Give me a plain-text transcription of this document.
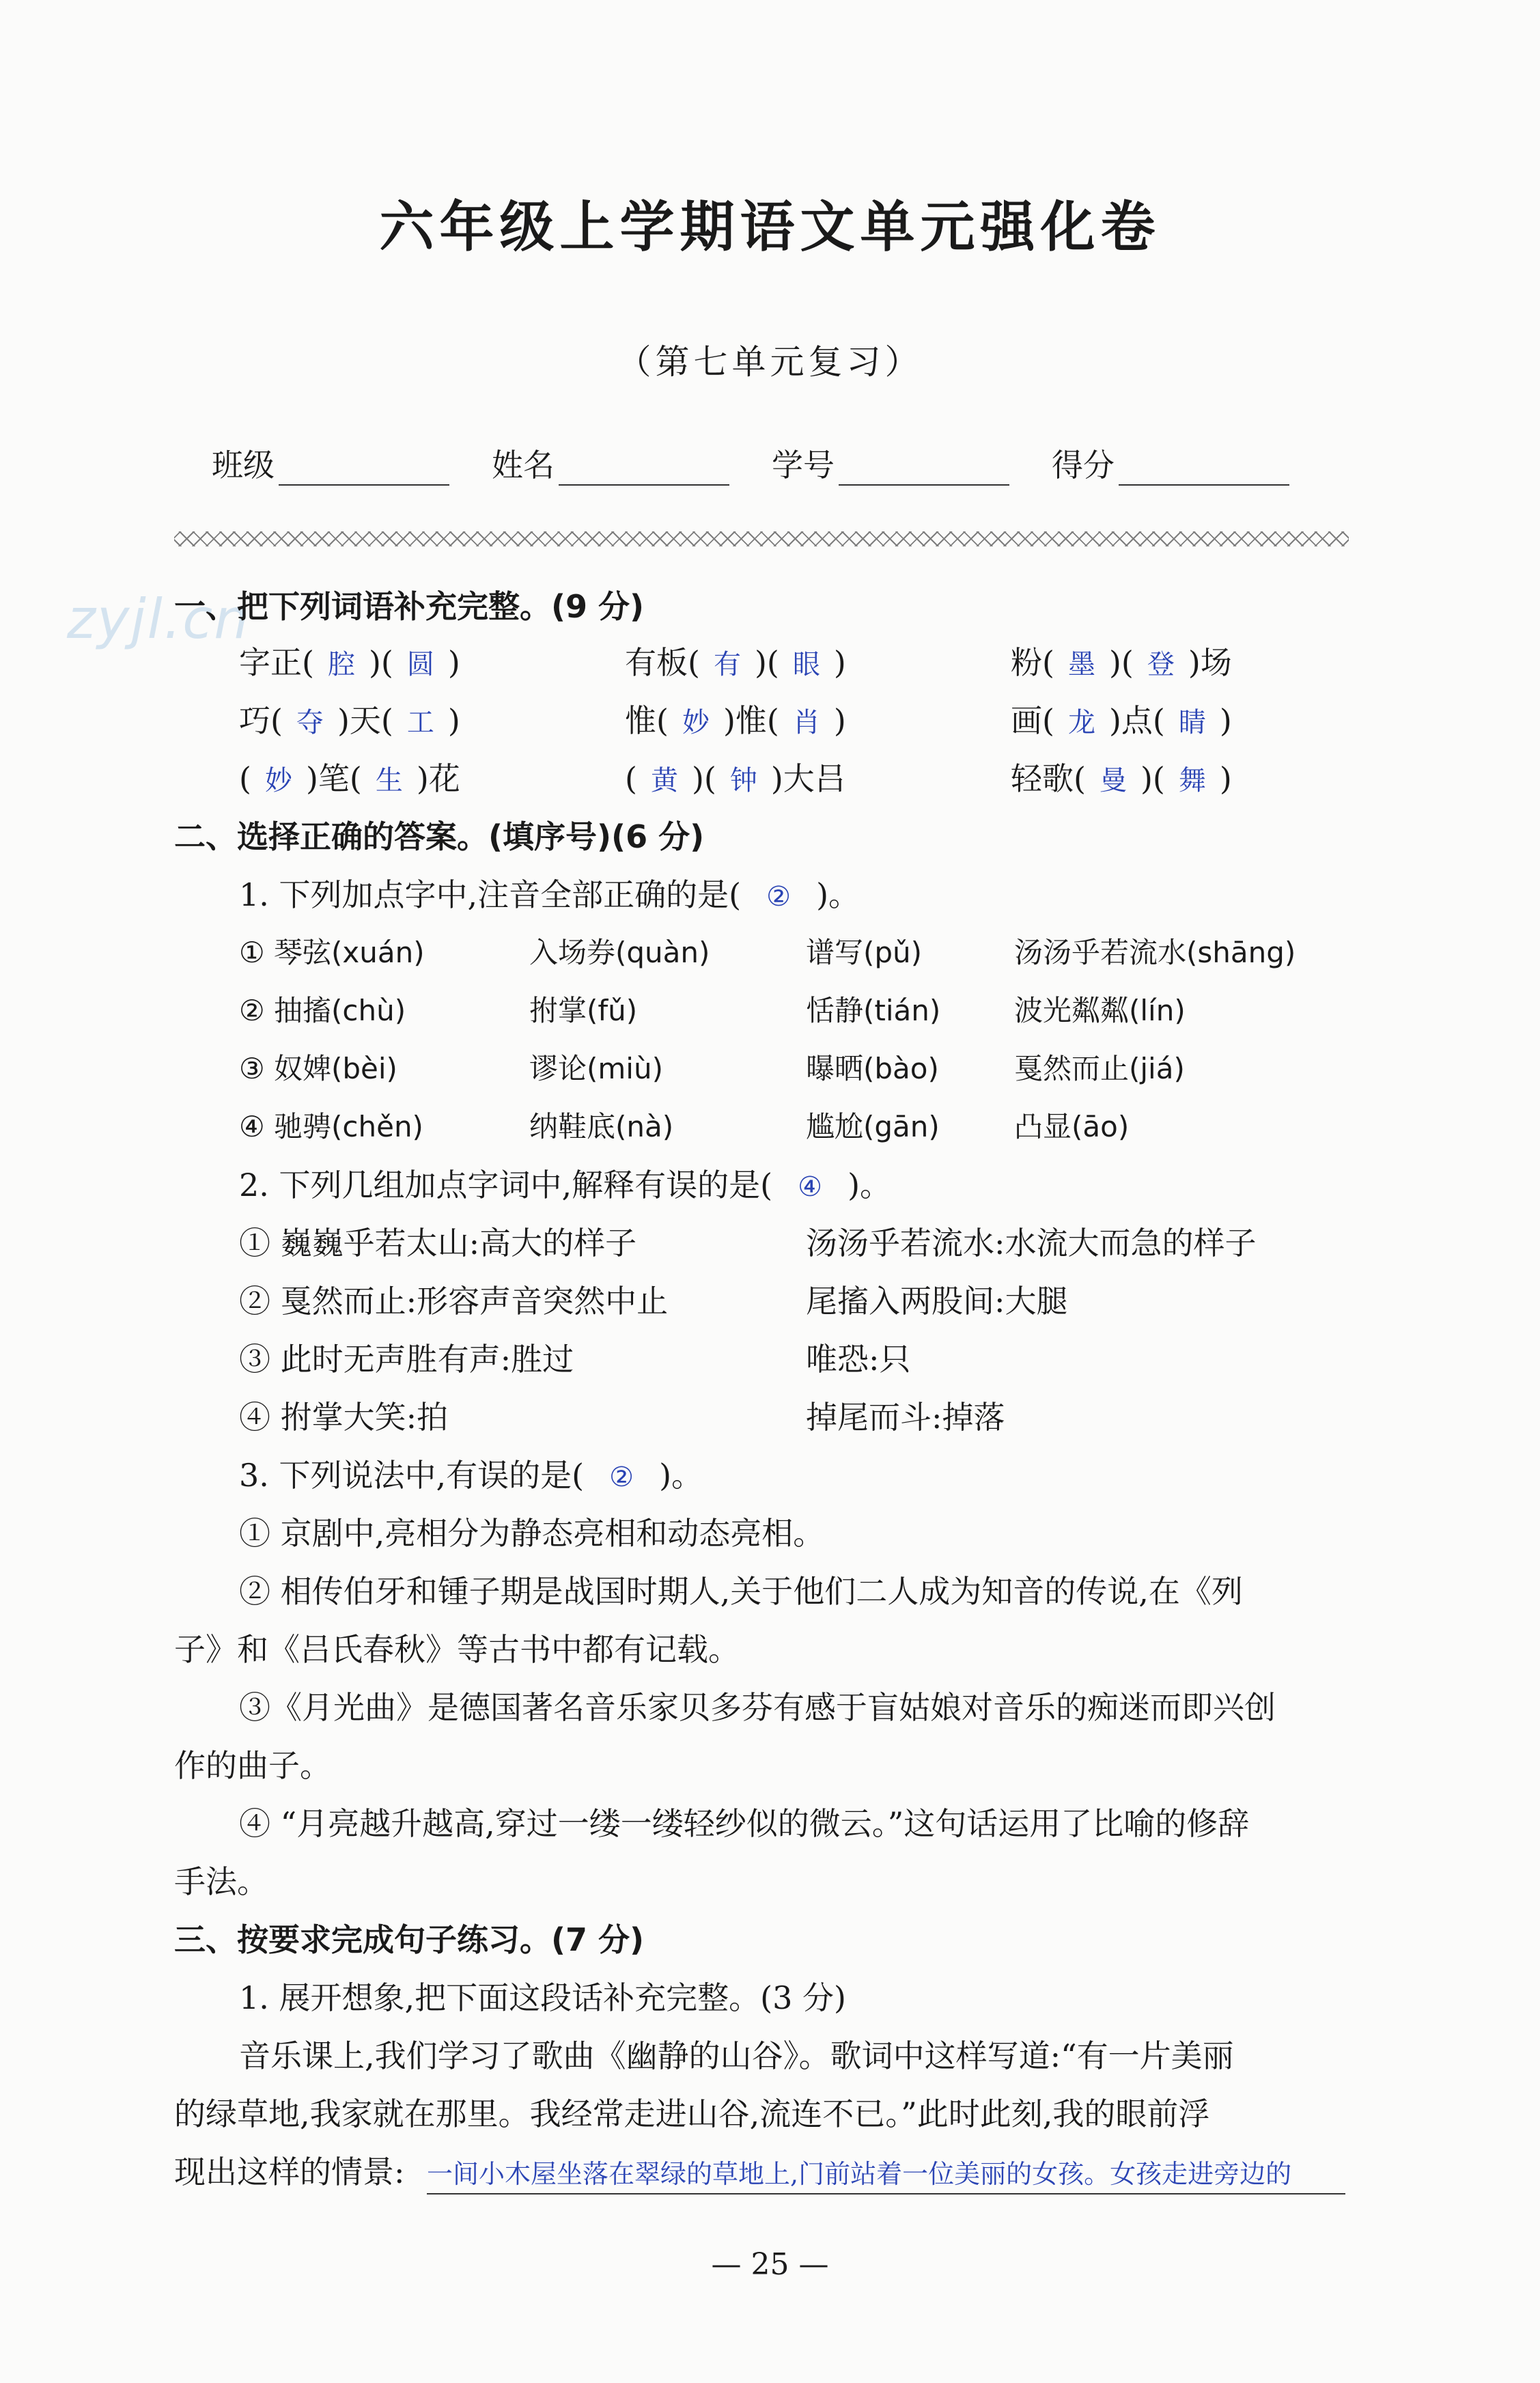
六年级上学期语文单元强化卷
（第七单元复习）
班级	姓名	学号	得分
zyjl.cn
一、把下列词语补充完整。(9 分)
字正( 腔 )( 圆 )	有板( 有 )( 眼 )	粉( 墨 )( 登 )场
巧( 夺 )天( 工 )	惟( 妙 )惟( 肖 )	画( 龙 )点( 睛 )
( 妙 )笔( 生 )花	( 黄 )( 钟 )大吕	轻歌( 曼 )( 舞 )
二、选择正确的答案。(填序号)(6 分)
1. 下列加点字中,注音全部正确的是( ② )。
① 琴弦(xuán)	入场券(quàn)	谱写(pǔ)	汤汤乎若流水(shāng)
② 抽搐(chù)	拊掌(fǔ)	恬静(tián)	波光粼粼(lín)
③ 奴婢(bèi)	谬论(miù)	曝晒(bào)	戛然而止(jiá)
④ 驰骋(chěn)	纳鞋底(nà)	尴尬(gān)	凸显(āo)
2. 下列几组加点字词中,解释有误的是( ④ )。
① 巍巍乎若太山:高大的样子	汤汤乎若流水:水流大而急的样子
② 戛然而止:形容声音突然中止	尾搐入两股间:大腿
③ 此时无声胜有声:胜过	唯恐:只
④ 拊掌大笑:拍	掉尾而斗:掉落
3. 下列说法中,有误的是( ② )。
① 京剧中,亮相分为静态亮相和动态亮相。
② 相传伯牙和锺子期是战国时期人,关于他们二人成为知音的传说,在《列
子》和《吕氏春秋》等古书中都有记载。
③《月光曲》是德国著名音乐家贝多芬有感于盲姑娘对音乐的痴迷而即兴创
作的曲子。
④ “月亮越升越高,穿过一缕一缕轻纱似的微云。”这句话运用了比喻的修辞
手法。
三、按要求完成句子练习。(7 分)
1. 展开想象,把下面这段话补充完整。(3 分)
音乐课上,我们学习了歌曲《幽静的山谷》。歌词中这样写道:“有一片美丽
的绿草地,我家就在那里。我经常走进山谷,流连不已。”此时此刻,我的眼前浮
现出这样的情景: 一间小木屋坐落在翠绿的草地上,门前站着一位美丽的女孩。女孩走进旁边的
— 25 —
